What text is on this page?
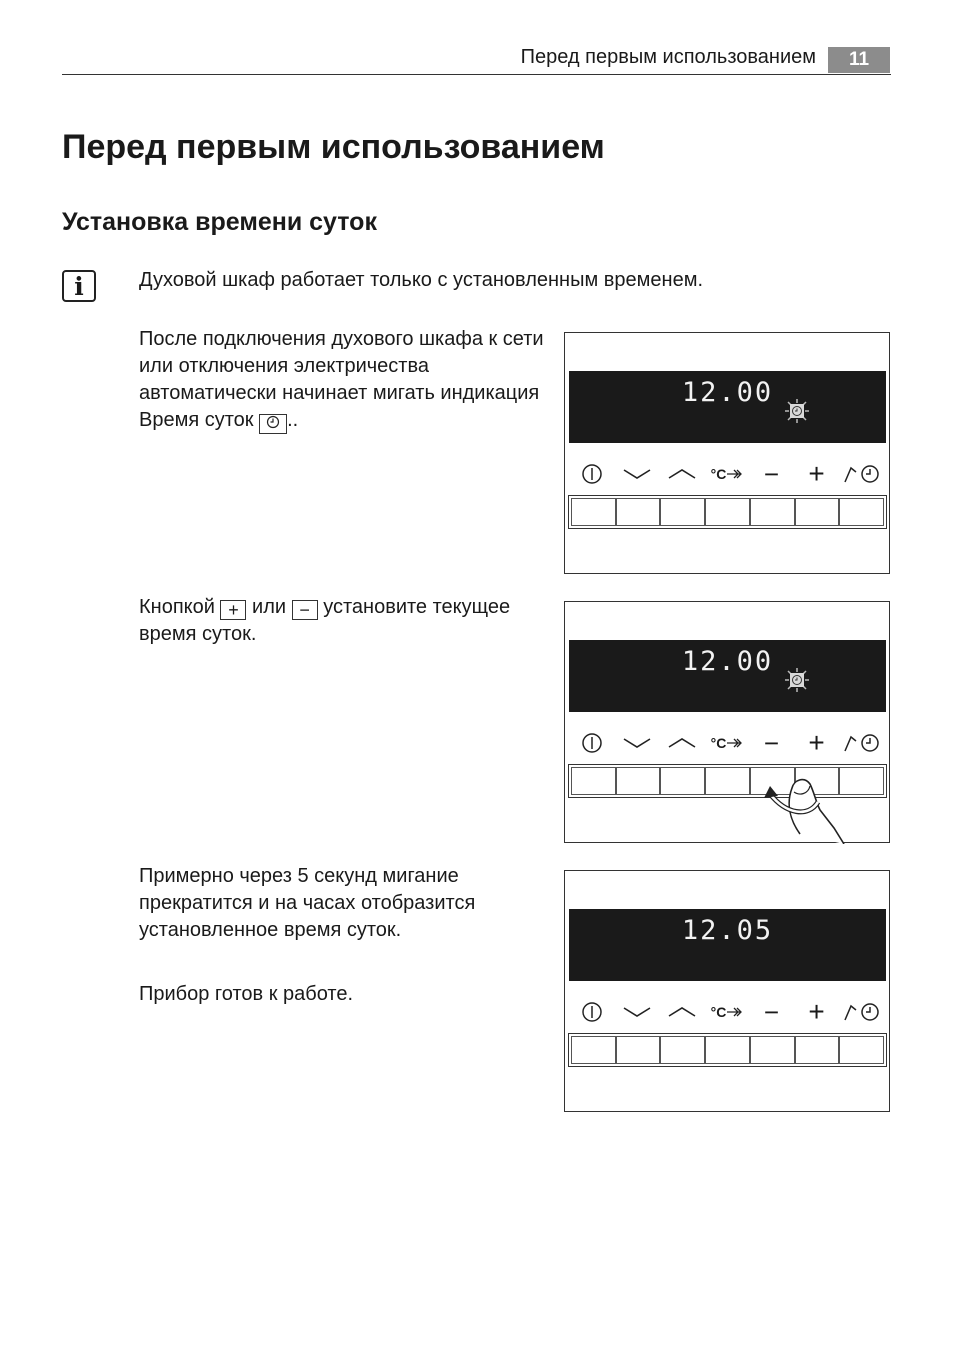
Перед первым использованием	11
Перед первым использованием
Установка времени суток
i	Духовой шкаф работает только с установленным временем.

После подключения духового шкафа к сети или отключения электричества автоматически начинает мигать индикация Время суток ..

Кнопкой + или − установите текущее время суток.

Примерно через 5 секунд мигание прекратится и на часах отобразится установленное время суток.

Прибор готов к работе.

12.00
°C	−	+
12.00
°C	−	+
12.05
°C	−	+
